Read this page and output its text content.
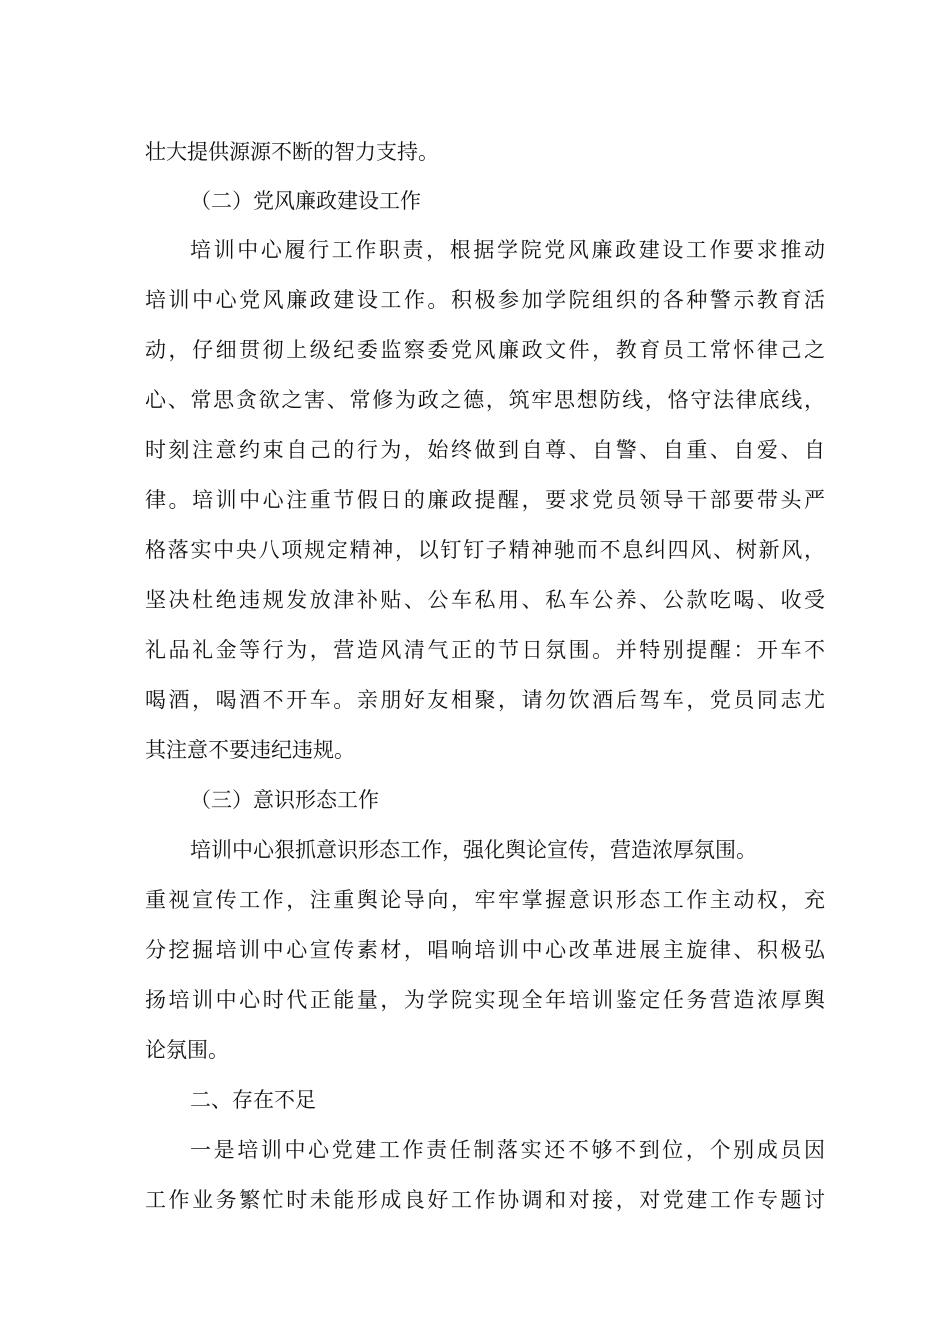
壮大提供源源不断的智力支持。
（二）党风廉政建设工作
培训中心履行工作职责，根据学院党风廉政建设工作要求推动
培训中心党风廉政建设工作。积极参加学院组织的各种警示教育活
动，仔细贯彻上级纪委监察委党风廉政文件，教育员工常怀律己之
心、常思贪欲之害、常修为政之德，筑牢思想防线，恪守法律底线，
时刻注意约束自己的行为，始终做到自尊、自警、自重、自爱、自
律。培训中心注重节假日的廉政提醒，要求党员领导干部要带头严
格落实中央八项规定精神，以钉钉子精神驰而不息纠四风、树新风，
坚决杜绝违规发放津补贴、公车私用、私车公养、公款吃喝、收受
礼品礼金等行为，营造风清气正的节日氛围。并特别提醒：开车不
喝酒，喝酒不开车。亲朋好友相聚，请勿饮酒后驾车，党员同志尤
其注意不要违纪违规。
（三）意识形态工作
培训中心狠抓意识形态工作，强化舆论宣传，营造浓厚氛围。
重视宣传工作，注重舆论导向，牢牢掌握意识形态工作主动权，充
分挖掘培训中心宣传素材，唱响培训中心改革进展主旋律、积极弘
扬培训中心时代正能量，为学院实现全年培训鉴定任务营造浓厚舆
论氛围。
二、存在不足
一是培训中心党建工作责任制落实还不够不到位，个别成员因
工作业务繁忙时未能形成良好工作协调和对接，对党建工作专题讨
